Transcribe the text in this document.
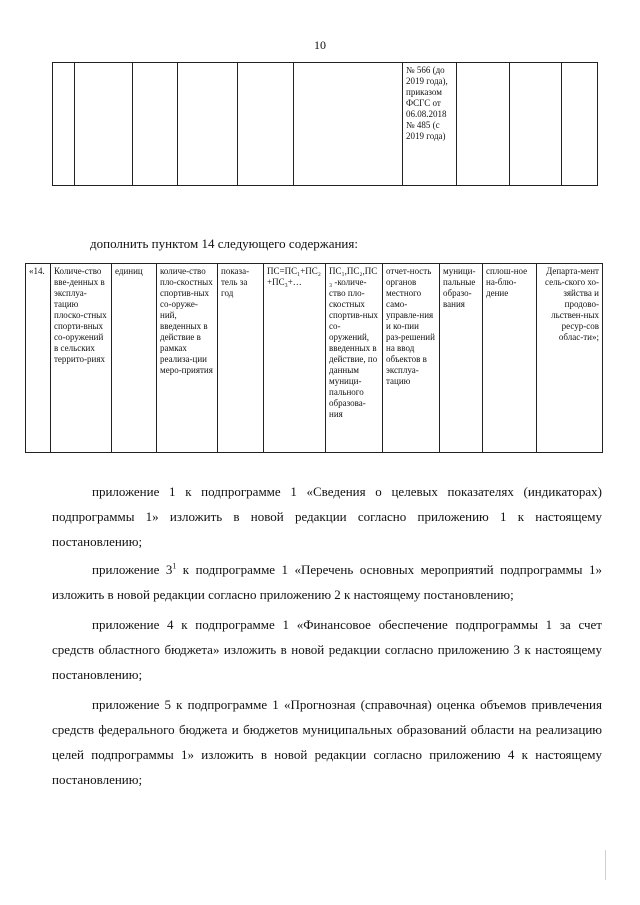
10
						№ 566 (до 2019 года), приказом ФСГС от 06.08.2018 № 485 (с 2019 года)			
дополнить пунктом 14 следующего содержания:
«14.	Количе-ство вве-денных в эксплуа-тацию плоско-стных спорти-вных со-оружений в сельских террито-риях	единиц	количе-ство пло-скостных спортив-ных со-оруже-ний, введенных в действие в рамках реализа-ции меро-приятия	показа-тель за год	ПС=ПС₁+ПС₂+ПС₃+…	ПС₁,ПС₂,ПС₃ -количе-ство пло-скостных спортив-ных со-оружений, введенных в действие, по данным муници-пального образова-ния	отчет-ность органов местного само-управле-ния и ко-пии раз-решений на ввод объектов в эксплуа-тацию	муници-пальные образо-вания	сплош-ное на-блю-дение	Департа-мент сель-ского хо-зяйства и продово-льствен-ных ресур-сов облас-ти»;

приложение 1 к подпрограмме 1 «Сведения о целевых показателях (индикаторах) подпрограммы 1» изложить в новой редакции согласно приложению 1 к настоящему постановлению;

приложение $3^1$ к подпрограмме 1 «Перечень основных мероприятий подпрограммы 1» изложить в новой редакции согласно приложению 2 к настоящему постановлению;

приложение 4 к подпрограмме 1 «Финансовое обеспечение подпрограммы 1 за счет средств областного бюджета» изложить в новой редакции согласно приложению 3 к настоящему постановлению;

приложение 5 к подпрограмме 1 «Прогнозная (справочная) оценка объемов привлечения средств федерального бюджета и бюджетов муниципальных образований области на реализацию целей подпрограммы 1» изложить в новой редакции согласно приложению 4 к настоящему постановлению;
